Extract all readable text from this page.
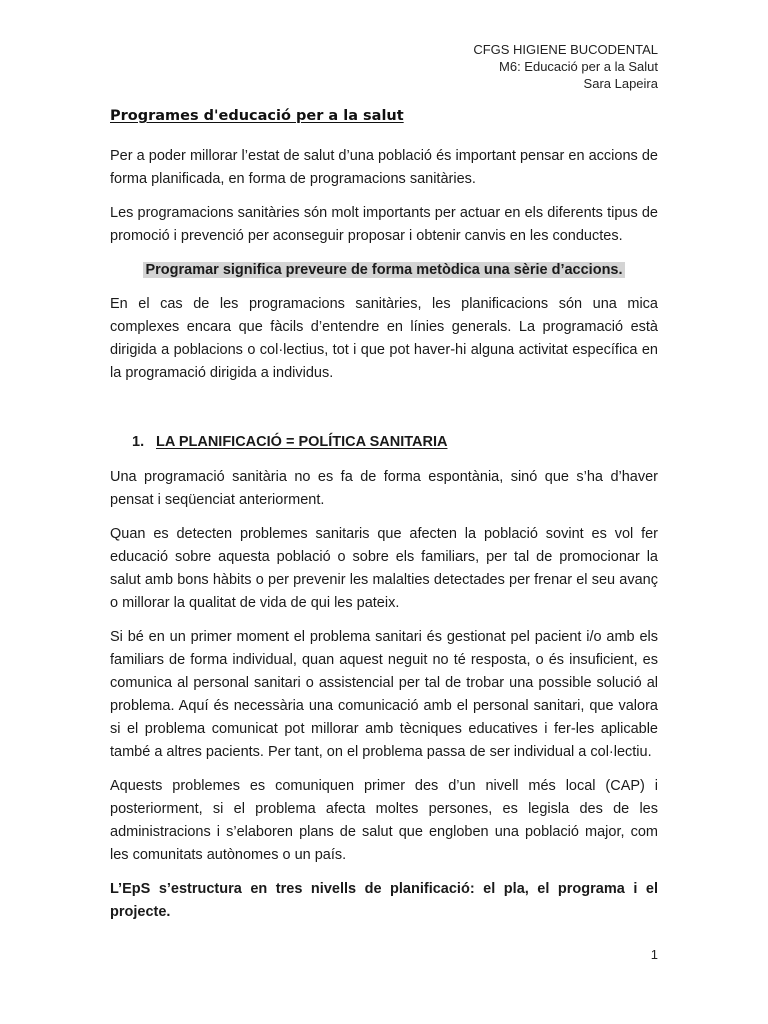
CFGS HIGIENE BUCODENTAL
M6: Educació per a la Salut
Sara Lapeira
Programes d'educació per a la salut

Per a poder millorar l’estat de salut d’una població és important pensar en accions de forma planificada, en forma de programacions sanitàries.

Les programacions sanitàries són molt importants per actuar en els diferents tipus de promoció i prevenció per aconseguir proposar i obtenir canvis en les conductes.

Programar significa preveure de forma metòdica una sèrie d’accions.

En el cas de les programacions sanitàries, les planificacions són una mica complexes encara que fàcils d’entendre en línies generals. La programació està dirigida a poblacions o col·lectius, tot i que pot haver-hi alguna activitat específica en la programació dirigida a individus.

1. LA PLANIFICACIÓ = POLÍTICA SANITARIA

Una programació sanitària no es fa de forma espontània, sinó que s’ha d’haver pensat i seqüenciat anteriorment.

Quan es detecten problemes sanitaris que afecten la població sovint es vol fer educació sobre aquesta població o sobre els familiars, per tal de promocionar la salut amb bons hàbits o per prevenir les malalties detectades per frenar el seu avanç o millorar la qualitat de vida de qui les pateix.

Si bé en un primer moment el problema sanitari és gestionat pel pacient i/o amb els familiars de forma individual, quan aquest neguit no té resposta, o és insuficient, es comunica al personal sanitari o assistencial per tal de trobar una possible solució al problema. Aquí és necessària una comunicació amb el personal sanitari, que valora si el problema comunicat pot millorar amb tècniques educatives i fer-les aplicable també a altres pacients. Per tant, on el problema passa de ser individual a col·lectiu.

Aquests problemes es comuniquen primer des d’un nivell més local (CAP) i posteriorment, si el problema afecta moltes persones, es legisla des de les administracions i s’elaboren plans de salut que engloben una població major, com les comunitats autònomes o un país.

L’EpS s’estructura en tres nivells de planificació: el pla, el programa i el projecte.

1
